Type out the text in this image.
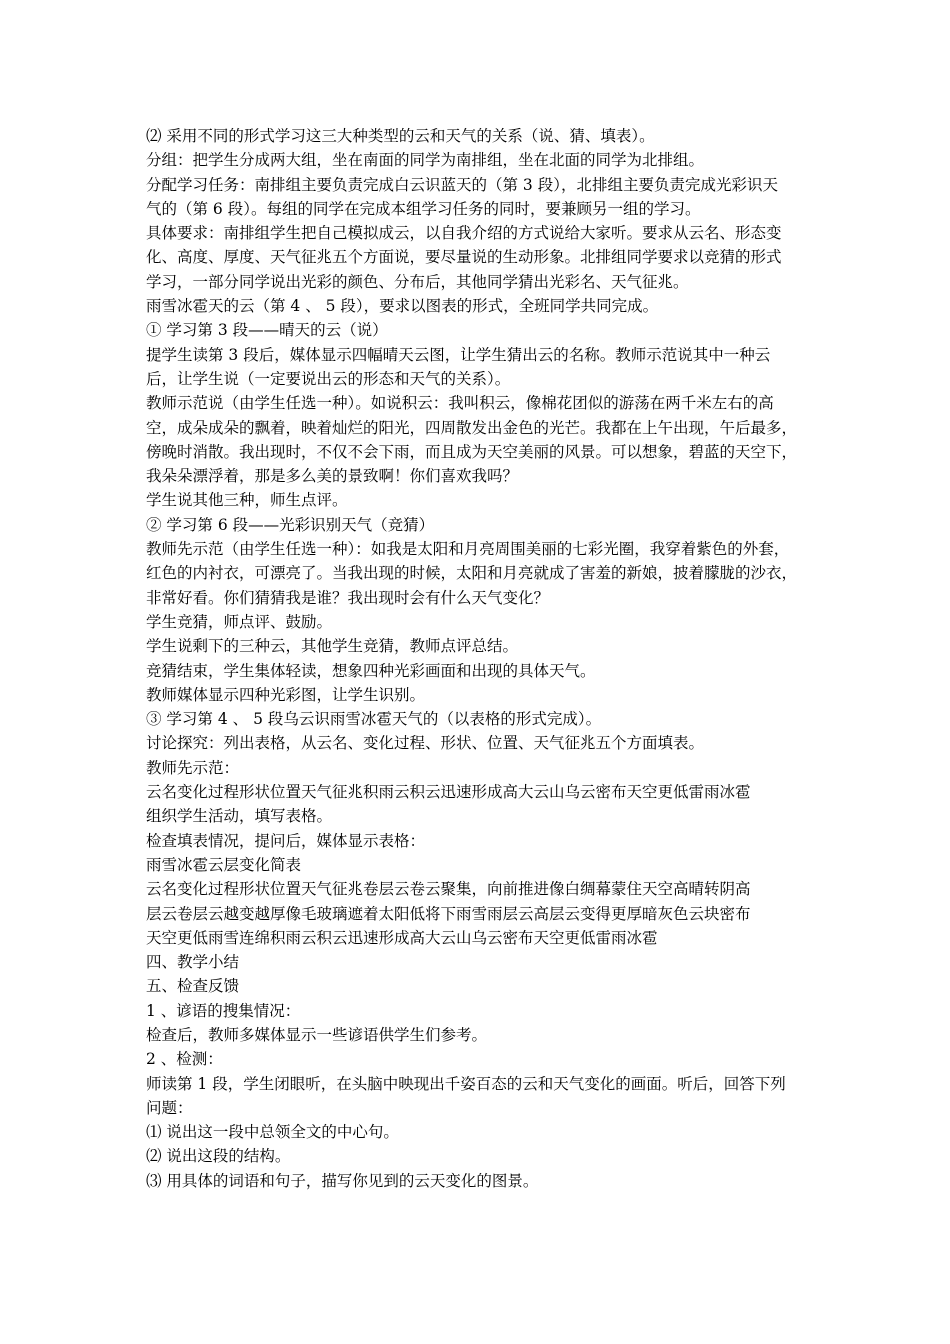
⑵ 采用不同的形式学习这三大种类型的云和天气的关系（说、猜、填表）。
分组：把学生分成两大组，坐在南面的同学为南排组，坐在北面的同学为北排组。
分配学习任务：南排组主要负责完成白云识蓝天的（第 3 段），北排组主要负责完成光彩识天
气的（第 6 段）。每组的同学在完成本组学习任务的同时，要兼顾另一组的学习。
具体要求：南排组学生把自己模拟成云，以自我介绍的方式说给大家听。要求从云名、形态变
化、高度、厚度、天气征兆五个方面说，要尽量说的生动形象。北排组同学要求以竞猜的形式
学习，一部分同学说出光彩的颜色、分布后，其他同学猜出光彩名、天气征兆。
雨雪冰雹天的云（第 4 、 5 段），要求以图表的形式，全班同学共同完成。
① 学习第 3 段——晴天的云（说）
提学生读第 3 段后，媒体显示四幅晴天云图，让学生猜出云的名称。教师示范说其中一种云
后，让学生说（一定要说出云的形态和天气的关系）。
教师示范说（由学生任选一种）。如说积云：我叫积云，像棉花团似的游荡在两千米左右的高
空，成朵成朵的飘着，映着灿烂的阳光，四周散发出金色的光芒。我都在上午出现，午后最多，
傍晚时消散。我出现时，不仅不会下雨，而且成为天空美丽的风景。可以想象，碧蓝的天空下，
我朵朵漂浮着，那是多么美的景致啊！你们喜欢我吗？
学生说其他三种，师生点评。
② 学习第 6 段——光彩识别天气（竞猜）
教师先示范（由学生任选一种）：如我是太阳和月亮周围美丽的七彩光圈，我穿着紫色的外套，
红色的内衬衣，可漂亮了。当我出现的时候，太阳和月亮就成了害羞的新娘，披着朦胧的沙衣，
非常好看。你们猜猜我是谁？我出现时会有什么天气变化？
学生竞猜，师点评、鼓励。
学生说剩下的三种云，其他学生竞猜，教师点评总结。
竞猜结束，学生集体轻读，想象四种光彩画面和出现的具体天气。
教师媒体显示四种光彩图，让学生识别。
③ 学习第 4 、 5 段乌云识雨雪冰雹天气的（以表格的形式完成）。
讨论探究：列出表格，从云名、变化过程、形状、位置、天气征兆五个方面填表。
教师先示范：
云名变化过程形状位置天气征兆积雨云积云迅速形成高大云山乌云密布天空更低雷雨冰雹
组织学生活动，填写表格。
检查填表情况，提问后，媒体显示表格：
雨雪冰雹云层变化简表
云名变化过程形状位置天气征兆卷层云卷云聚集，向前推进像白绸幕蒙住天空高晴转阴高
层云卷层云越变越厚像毛玻璃遮着太阳低将下雨雪雨层云高层云变得更厚暗灰色云块密布
天空更低雨雪连绵积雨云积云迅速形成高大云山乌云密布天空更低雷雨冰雹
四、教学小结
五、检查反馈
1 、谚语的搜集情况：
检查后，教师多媒体显示一些谚语供学生们参考。
2 、检测：
师读第 1 段，学生闭眼听，在头脑中映现出千姿百态的云和天气变化的画面。听后，回答下列
问题：
⑴ 说出这一段中总领全文的中心句。
⑵ 说出这段的结构。
⑶ 用具体的词语和句子，描写你见到的云天变化的图景。
